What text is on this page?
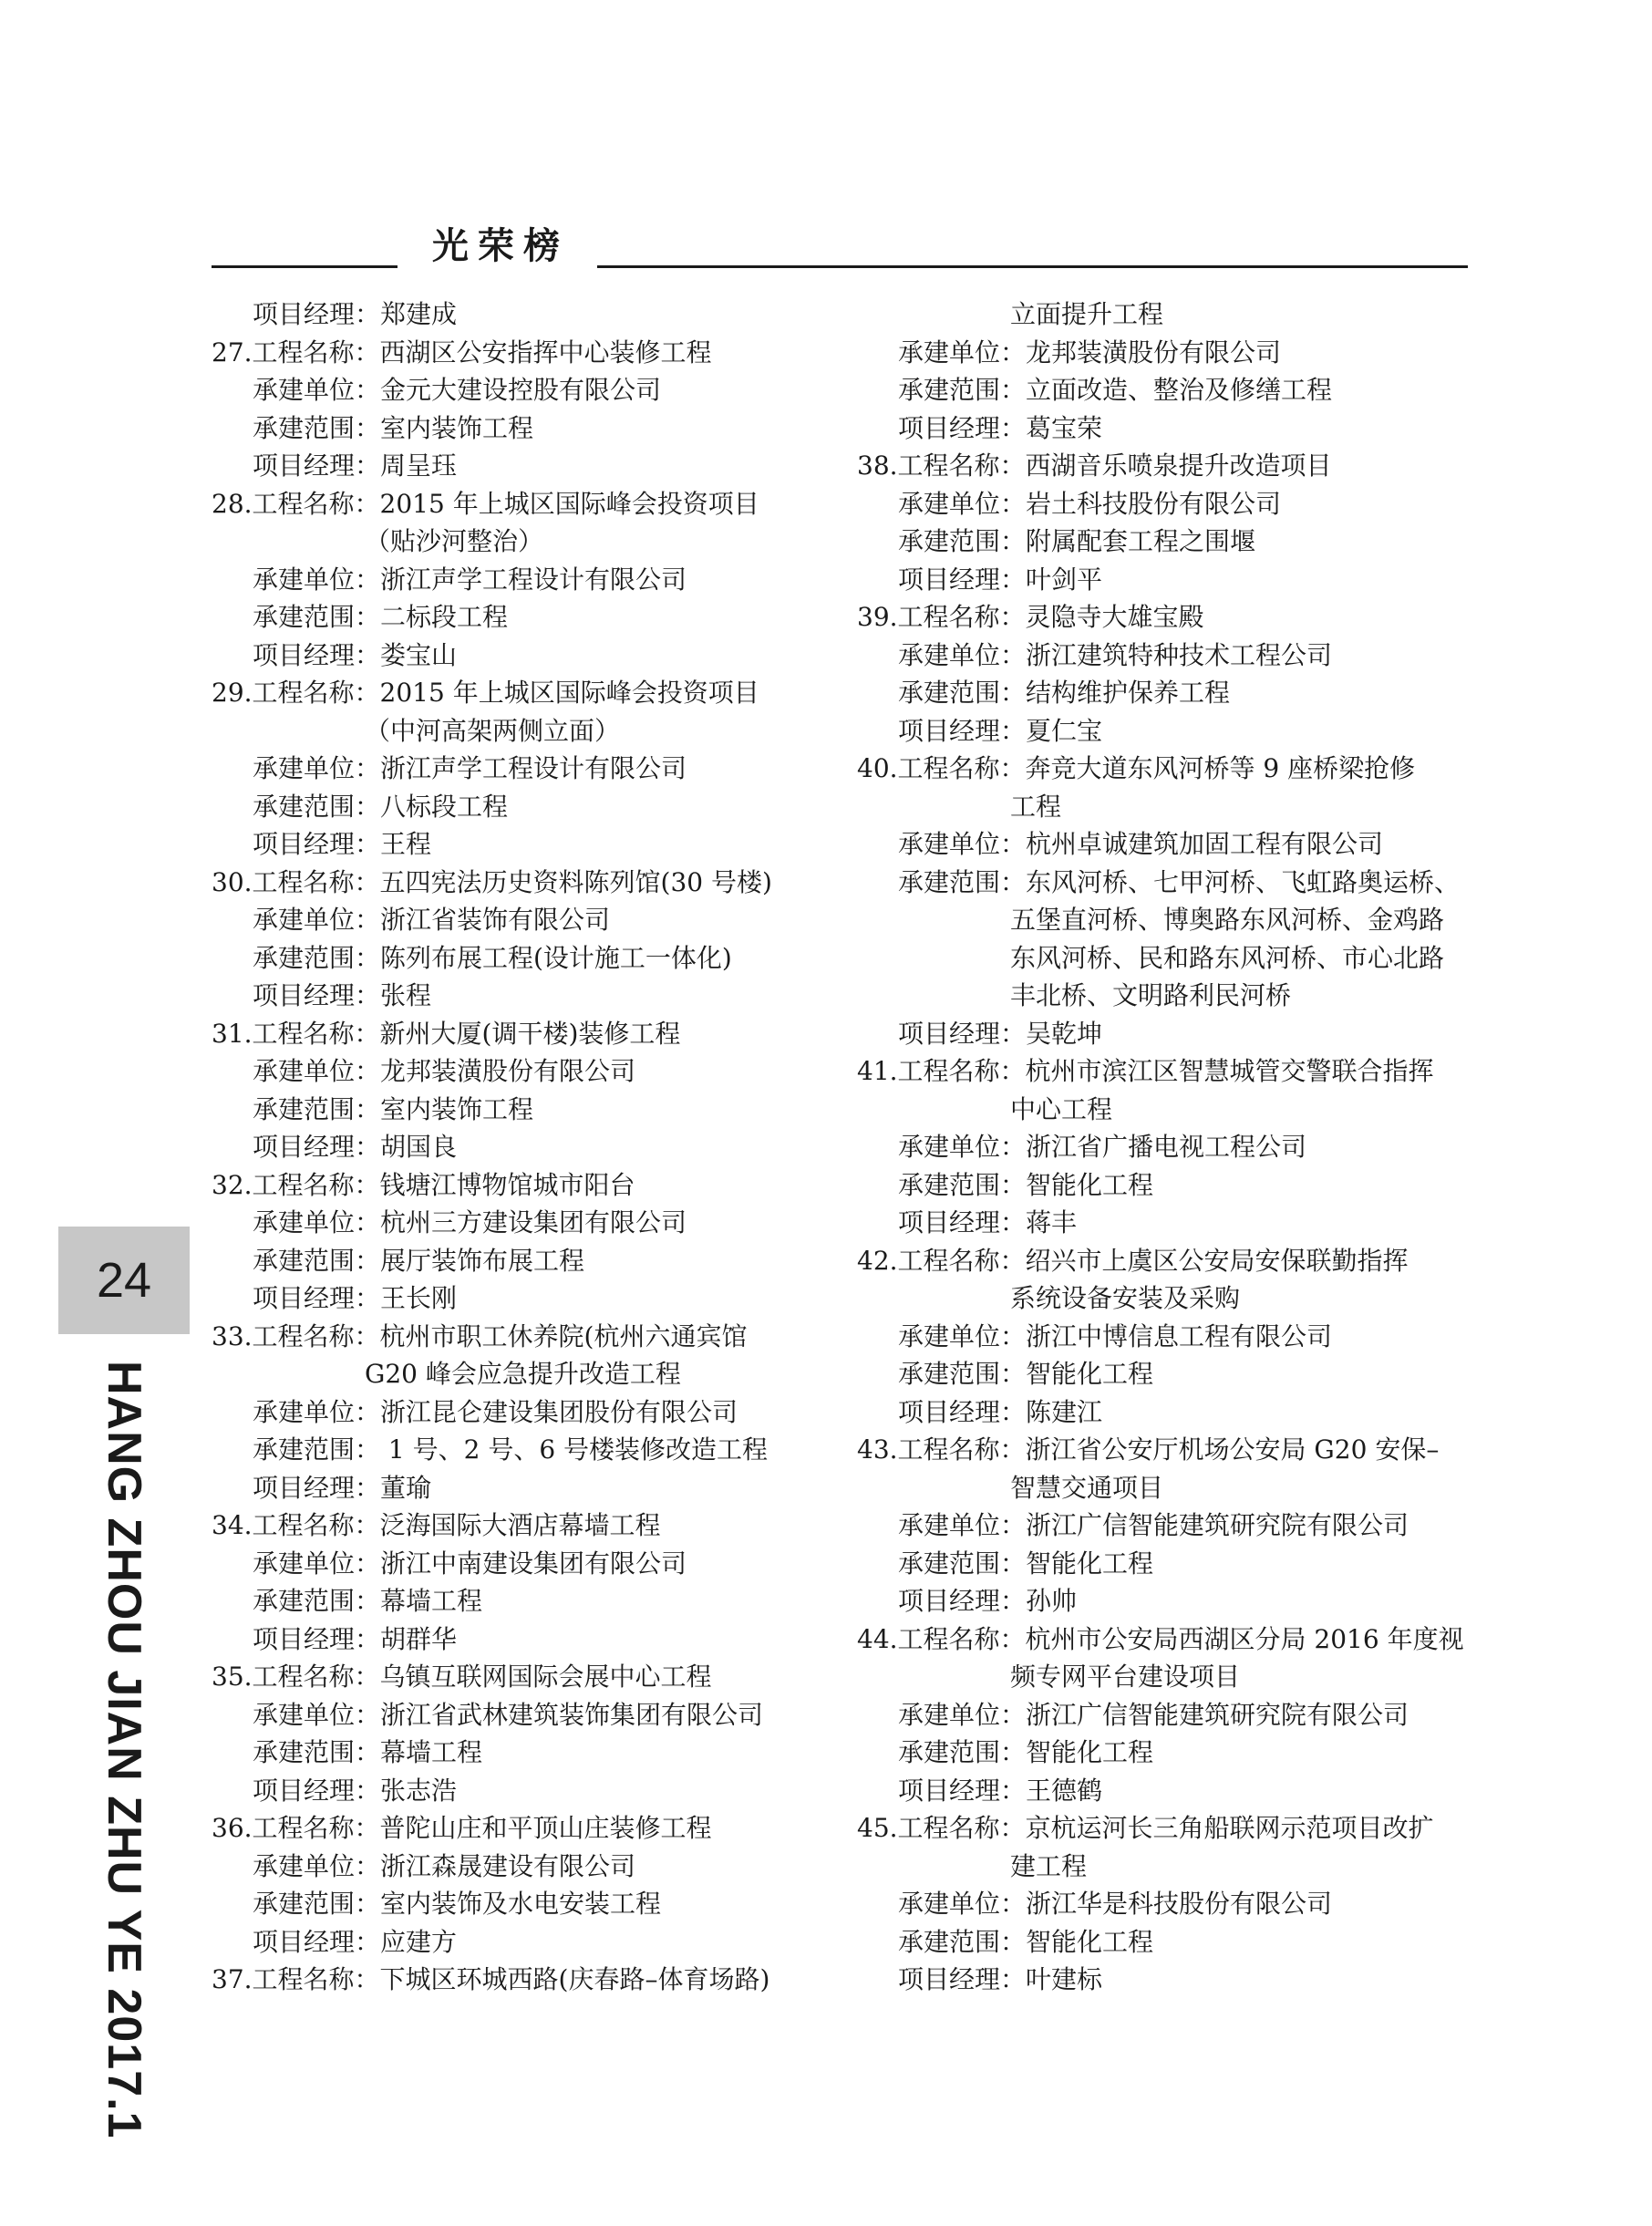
光荣榜
项目经理：郑建成
27.工程名称：西湖区公安指挥中心装修工程
承建单位：金元大建设控股有限公司
承建范围：室内装饰工程
项目经理：周呈珏
28.工程名称：2015 年上城区国际峰会投资项目
（贴沙河整治）
承建单位：浙江声学工程设计有限公司
承建范围：二标段工程
项目经理：娄宝山
29.工程名称：2015 年上城区国际峰会投资项目
（中河高架两侧立面）
承建单位：浙江声学工程设计有限公司
承建范围：八标段工程
项目经理：王程
30.工程名称：五四宪法历史资料陈列馆(30 号楼)
承建单位：浙江省装饰有限公司
承建范围：陈列布展工程(设计施工一体化)
项目经理：张程
31.工程名称：新州大厦(调干楼)装修工程
承建单位：龙邦装潢股份有限公司
承建范围：室内装饰工程
项目经理：胡国良
32.工程名称：钱塘江博物馆城市阳台
承建单位：杭州三方建设集团有限公司
承建范围：展厅装饰布展工程
项目经理：王长刚
33.工程名称：杭州市职工休养院(杭州六通宾馆
G20 峰会应急提升改造工程
承建单位：浙江昆仑建设集团股份有限公司
承建范围： 1 号、2 号、6 号楼装修改造工程
项目经理：董瑜
34.工程名称：泛海国际大酒店幕墙工程
承建单位：浙江中南建设集团有限公司
承建范围：幕墙工程
项目经理：胡群华
35.工程名称：乌镇互联网国际会展中心工程
承建单位：浙江省武林建筑装饰集团有限公司
承建范围：幕墙工程
项目经理：张志浩
36.工程名称：普陀山庄和平顶山庄装修工程
承建单位：浙江森晟建设有限公司
承建范围：室内装饰及水电安装工程
项目经理：应建方
37.工程名称：下城区环城西路(庆春路–体育场路)
立面提升工程
承建单位：龙邦装潢股份有限公司
承建范围：立面改造、整治及修缮工程
项目经理：葛宝荣
38.工程名称：西湖音乐喷泉提升改造项目
承建单位：岩土科技股份有限公司
承建范围：附属配套工程之围堰
项目经理：叶剑平
39.工程名称：灵隐寺大雄宝殿
承建单位：浙江建筑特种技术工程公司
承建范围：结构维护保养工程
项目经理：夏仁宝
40.工程名称：奔竞大道东风河桥等 9 座桥梁抢修
工程
承建单位：杭州卓诚建筑加固工程有限公司
承建范围：东风河桥、七甲河桥、飞虹路奥运桥、
五堡直河桥、博奥路东风河桥、金鸡路
东风河桥、民和路东风河桥、市心北路
丰北桥、文明路利民河桥
项目经理：吴乾坤
41.工程名称：杭州市滨江区智慧城管交警联合指挥
中心工程
承建单位：浙江省广播电视工程公司
承建范围：智能化工程
项目经理：蒋丰
42.工程名称：绍兴市上虞区公安局安保联勤指挥
系统设备安装及采购
承建单位：浙江中博信息工程有限公司
承建范围：智能化工程
项目经理：陈建江
43.工程名称：浙江省公安厅机场公安局 G20 安保–
智慧交通项目
承建单位：浙江广信智能建筑研究院有限公司
承建范围：智能化工程
项目经理：孙帅
44.工程名称：杭州市公安局西湖区分局 2016 年度视
频专网平台建设项目
承建单位：浙江广信智能建筑研究院有限公司
承建范围：智能化工程
项目经理：王德鹤
45.工程名称：京杭运河长三角船联网示范项目改扩
建工程
承建单位：浙江华是科技股份有限公司
承建范围：智能化工程
项目经理：叶建标
24
HANG ZHOU JIAN ZHU YE 2017.1
